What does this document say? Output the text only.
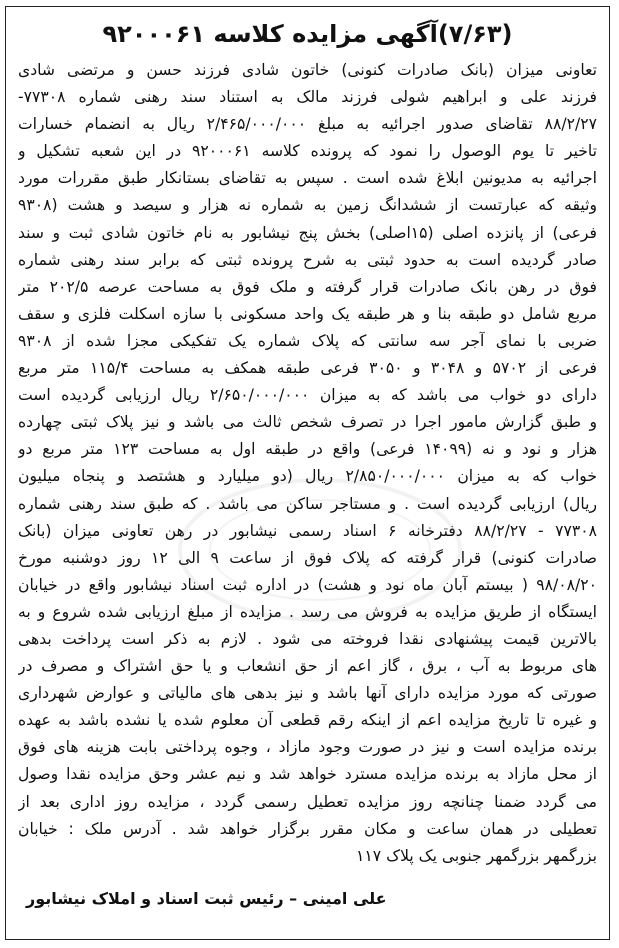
(۷/۶۳)آگهی مزایده کلاسه ۹۲۰۰۰۶۱
تعاونی میزان (بانک صادرات کنونی) خاتون شادی فرزند حسن و مرتضی شادی
فرزند علی و ابراهیم شولی فرزند مالک به استناد سند رهنی شماره ۷۷۳۰۸-
۸۸/۲/۲۷ تقاضای صدور اجرائیه به مبلغ ۲/۴۶۵/۰۰۰/۰۰۰ ریال به انضمام خسارات
تاخیر تا یوم الوصول را نمود که پرونده کلاسه ۹۲۰۰۰۶۱ در این شعبه تشکیل و
اجرائیه به مدیونین ابلاغ شده است . سپس به تقاضای بستانکار طبق مقررات مورد
وثیقه که عبارتست از ششدانگ زمین به شماره نه هزار و سیصد و هشت (۹۳۰۸
فرعی) از پانزده اصلی (۱۵اصلی) بخش پنج نیشابور به نام خاتون شادی ثبت و سند
صادر گردیده است به حدود ثبتی به شرح پرونده ثبتی که برابر سند رهنی شماره
فوق در رهن بانک صادرات قرار گرفته و ملک فوق به مساحت عرصه ۲۰۲/۵ متر
مربع شامل دو طبقه بنا و هر طبقه یک واحد مسکونی با سازه اسکلت فلزی و سقف
ضربی با نمای آجر سه سانتی که پلاک شماره یک تفکیکی مجزا شده از ۹۳۰۸
فرعی از ۵۷۰۲ و ۳۰۴۸ و ۳۰۵۰ فرعی طبقه همکف به مساحت ۱۱۵/۴ متر مربع
دارای دو خواب می باشد که به میزان ۲/۶۵۰/۰۰۰/۰۰۰ ریال ارزیابی گردیده است
و طبق گزارش مامور اجرا در تصرف شخص ثالث می باشد و نیز پلاک ثبتی چهارده
هزار و نود و نه (۱۴۰۹۹ فرعی) واقع در طبقه اول به مساحت ۱۲۳ متر مربع دو
خواب که به میزان ۲/۸۵۰/۰۰۰/۰۰۰ ریال (دو میلیارد و هشتصد و پنجاه میلیون
ریال) ارزیابی گردیده است . و مستاجر ساکن می باشد . که طبق سند رهنی شماره
۷۷۳۰۸ - ۸۸/۲/۲۷ دفترخانه ۶ اسناد رسمی نیشابور در رهن تعاونی میزان (بانک
صادرات کنونی) قرار گرفته که پلاک فوق از ساعت ۹ الی ۱۲ روز دوشنبه مورخ
۹۸/۰۸/۲۰ ( بیستم آبان ماه نود و هشت) در اداره ثبت اسناد نیشابور واقع در خیابان
ایستگاه از طریق مزایده به فروش می رسد . مزایده از مبلغ ارزیابی شده شروع و به
بالاترین قیمت پیشنهادی نقدا فروخته می شود . لازم به ذکر است پرداخت بدهی
های مربوط به آب ، برق ، گاز اعم از حق انشعاب و یا حق اشتراک و مصرف در
صورتی که مورد مزایده دارای آنها باشد و نیز بدهی های مالیاتی و عوارض شهرداری
و غیره تا تاریخ مزایده اعم از اینکه رقم قطعی آن معلوم شده یا نشده باشد به عهده
برنده مزایده است و نیز در صورت وجود مازاد ، وجوه پرداختی بابت هزینه های فوق
از محل مازاد به برنده مزایده مسترد خواهد شد و نیم عشر وحق مزایده نقدا وصول
می گردد ضمنا چنانچه روز مزایده تعطیل رسمی گردد ، مزایده روز اداری بعد از
تعطیلی در همان ساعت و مکان مقرر برگزار خواهد شد . آدرس ملک : خیابان
بزرگمهر بزرگمهر جنوبی یک پلاک ۱۱۷
علی امینی – رئیس ثبت اسناد و املاک نیشابور
